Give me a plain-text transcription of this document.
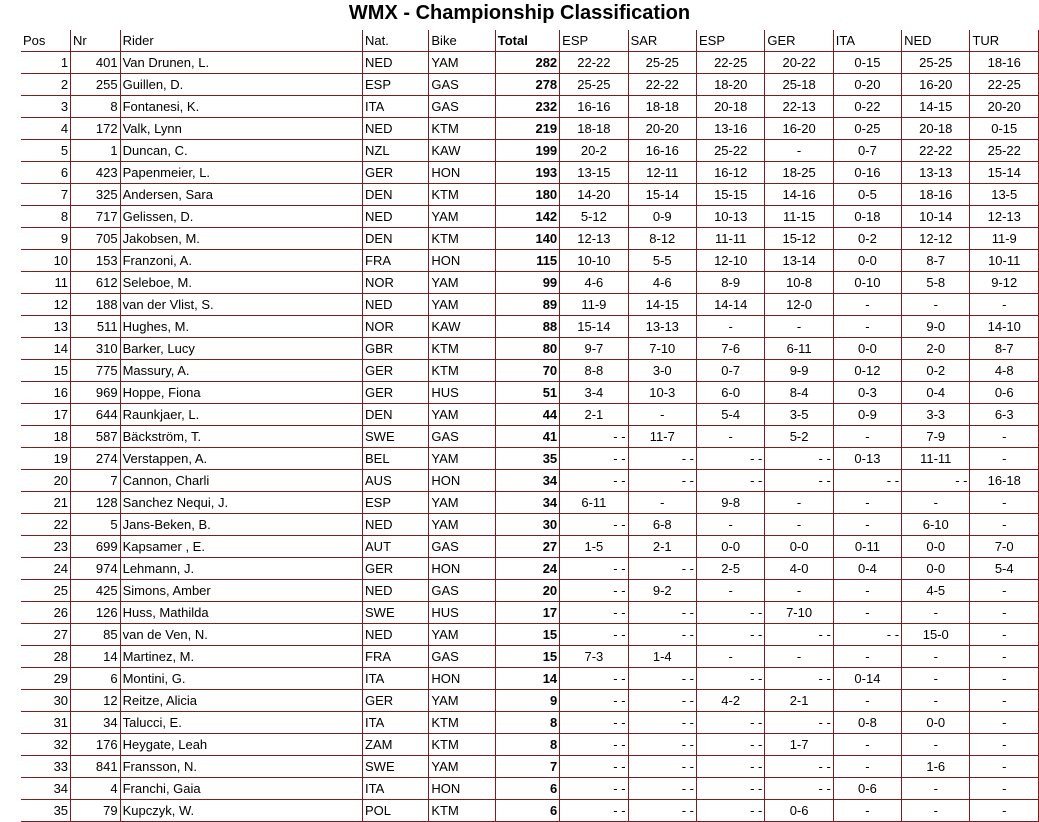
WMX - Championship Classification
Pos	Nr	Rider	Nat.	Bike	Total	ESP	SAR	ESP	GER	ITA	NED	TUR
1	401	Van Drunen, L.	NED	YAM	282	22-22	25-25	22-25	20-22	0-15	25-25	18-16
2	255	Guillen, D.	ESP	GAS	278	25-25	22-22	18-20	25-18	0-20	16-20	22-25
3	8	Fontanesi, K.	ITA	GAS	232	16-16	18-18	20-18	22-13	0-22	14-15	20-20
4	172	Valk, Lynn	NED	KTM	219	18-18	20-20	13-16	16-20	0-25	20-18	0-15
5	1	Duncan, C.	NZL	KAW	199	20-2	16-16	25-22	-	0-7	22-22	25-22
6	423	Papenmeier, L.	GER	HON	193	13-15	12-11	16-12	18-25	0-16	13-13	15-14
7	325	Andersen, Sara	DEN	KTM	180	14-20	15-14	15-15	14-16	0-5	18-16	13-5
8	717	Gelissen, D.	NED	YAM	142	5-12	0-9	10-13	11-15	0-18	10-14	12-13
9	705	Jakobsen, M.	DEN	KTM	140	12-13	8-12	11-11	15-12	0-2	12-12	11-9
10	153	Franzoni, A.	FRA	HON	115	10-10	5-5	12-10	13-14	0-0	8-7	10-11
11	612	Seleboe, M.	NOR	YAM	99	4-6	4-6	8-9	10-8	0-10	5-8	9-12
12	188	van der Vlist, S.	NED	YAM	89	11-9	14-15	14-14	12-0	-	-	-
13	511	Hughes, M.	NOR	KAW	88	15-14	13-13	-	-	-	9-0	14-10
14	310	Barker, Lucy	GBR	KTM	80	9-7	7-10	7-6	6-11	0-0	2-0	8-7
15	775	Massury, A.	GER	KTM	70	8-8	3-0	0-7	9-9	0-12	0-2	4-8
16	969	Hoppe, Fiona	GER	HUS	51	3-4	10-3	6-0	8-4	0-3	0-4	0-6
17	644	Raunkjaer, L.	DEN	YAM	44	2-1	-	5-4	3-5	0-9	3-3	6-3
18	587	Bäckström, T.	SWE	GAS	41	- -	11-7	-	5-2	-	7-9	-
19	274	Verstappen, A.	BEL	YAM	35	- -	- -	- -	- -	0-13	11-11	-
20	7	Cannon, Charli	AUS	HON	34	- -	- -	- -	- -	- -	- -	16-18
21	128	Sanchez Nequi, J.	ESP	YAM	34	6-11	-	9-8	-	-	-	-
22	5	Jans-Beken, B.	NED	YAM	30	- -	6-8	-	-	-	6-10	-
23	699	Kapsamer , E.	AUT	GAS	27	1-5	2-1	0-0	0-0	0-11	0-0	7-0
24	974	Lehmann, J.	GER	HON	24	- -	- -	2-5	4-0	0-4	0-0	5-4
25	425	Simons, Amber	NED	GAS	20	- -	9-2	-	-	-	4-5	-
26	126	Huss, Mathilda	SWE	HUS	17	- -	- -	- -	7-10	-	-	-
27	85	van de Ven, N.	NED	YAM	15	- -	- -	- -	- -	- -	15-0	-
28	14	Martinez, M.	FRA	GAS	15	7-3	1-4	-	-	-	-	-
29	6	Montini, G.	ITA	HON	14	- -	- -	- -	- -	0-14	-	-
30	12	Reitze, Alicia	GER	YAM	9	- -	- -	4-2	2-1	-	-	-
31	34	Talucci, E.	ITA	KTM	8	- -	- -	- -	- -	0-8	0-0	-
32	176	Heygate, Leah	ZAM	KTM	8	- -	- -	- -	1-7	-	-	-
33	841	Fransson, N.	SWE	YAM	7	- -	- -	- -	- -	-	1-6	-
34	4	Franchi, Gaia	ITA	HON	6	- -	- -	- -	- -	0-6	-	-
35	79	Kupczyk, W.	POL	KTM	6	- -	- -	- -	0-6	-	-	-
